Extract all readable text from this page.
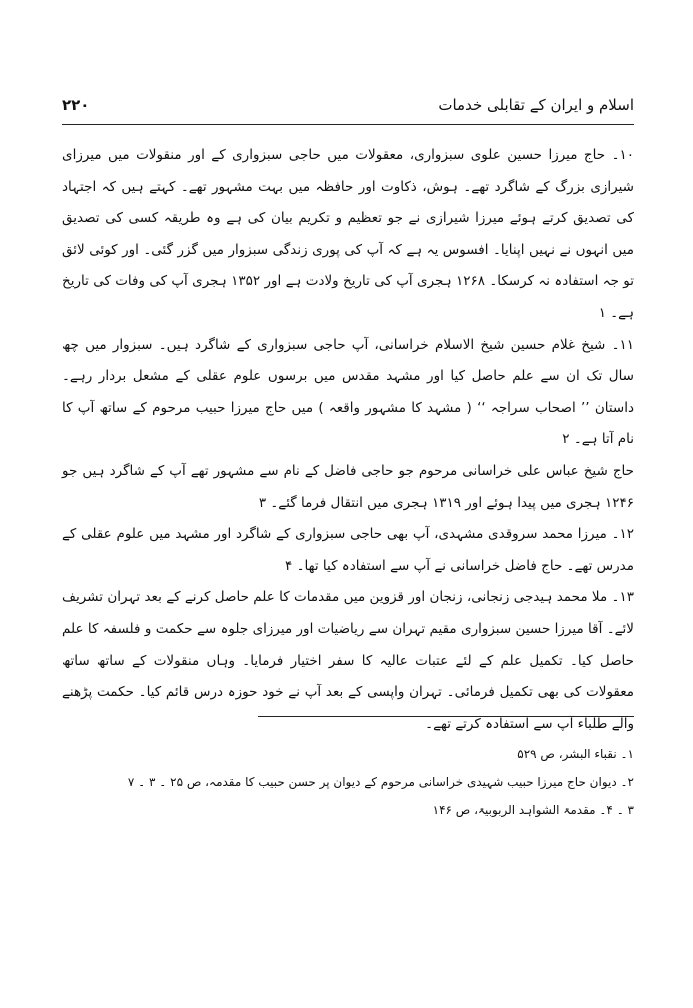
اسلام و ایران کے تقابلی خدمات
۲۲۰

۱۰۔ حاج میرزا حسین علوی سبزواری، معقولات میں حاجی سبزواری کے اور منقولات میں میرزای شیرازی بزرگ کے شاگرد تھے۔ ہوش، ذکاوت اور حافظہ میں بہت مشہور تھے۔ کہتے ہیں کہ اجتہاد کی تصدیق کرتے ہوئے میرزا شیرازی نے جو تعظیم و تکریم بیان کی ہے وہ طریقہ کسی کی تصدیق میں انہوں نے نہیں اپنایا۔ افسوس یہ ہے کہ آپ کی پوری زندگی سبزوار میں گزر گئی۔ اور کوئی لائق تو جہ استفادہ نہ کرسکا۔ ۱۲۶۸ ہجری آپ کی تاریخ ولادت ہے اور ۱۳۵۲ ہجری آپ کی وفات کی تاریخ ہے۔ ۱

۱۱۔ شیخ غلام حسین شیخ الاسلام خراسانی، آپ حاجی سبزواری کے شاگرد ہیں۔ سبزوار میں چھ سال تک ان سے علم حاصل کیا اور مشہد مقدس میں برسوں علوم عقلی کے مشعل بردار رہے۔ داستان ’’ اصحاب سراجہ ‘‘ ( مشہد کا مشہور واقعہ ) میں حاج میرزا حبیب مرحوم کے ساتھ آپ کا نام آتا ہے۔ ۲

حاج شیخ عباس علی خراسانی مرحوم جو حاجی فاضل کے نام سے مشہور تھے آپ کے شاگرد ہیں جو ۱۲۴۶ ہجری میں پیدا ہوئے اور ۱۳۱۹ ہجری میں انتقال فرما گئے۔ ۳

۱۲۔ میرزا محمد سروقدی مشہدی، آپ بھی حاجی سبزواری کے شاگرد اور مشہد میں علوم عقلی کے مدرس تھے۔ حاج فاضل خراسانی نے آپ سے استفادہ کیا تھا۔ ۴

۱۳۔ ملا محمد ہیدجی زنجانی، زنجان اور قزوین میں مقدمات کا علم حاصل کرنے کے بعد تہران تشریف لائے۔ آقا میرزا حسین سبزواری مقیم تہران سے ریاضیات اور میرزای جلوہ سے حکمت و فلسفہ کا علم حاصل کیا۔ تکمیل علم کے لئے عتبات عالیہ کا سفر اختیار فرمایا۔ وہاں منقولات کے ساتھ ساتھ معقولات کی بھی تکمیل فرمائی۔ تہران واپسی کے بعد آپ نے خود حوزہ درس قائم کیا۔ حکمت پڑھنے والے طلباء آپ سے استفادہ کرتے تھے۔

۱۔ نقباء البشر، ص ۵۲۹
۲۔ دیوان حاج میرزا حبیب شہیدی خراسانی مرحوم کے دیوان پر حسن حبیب کا مقدمہ، ص ۲۵ ۔ ۳ ۔ ۷
۳ ۔ ۴۔ مقدمۃ الشواہد الربوبیۃ، ص ۱۴۶
